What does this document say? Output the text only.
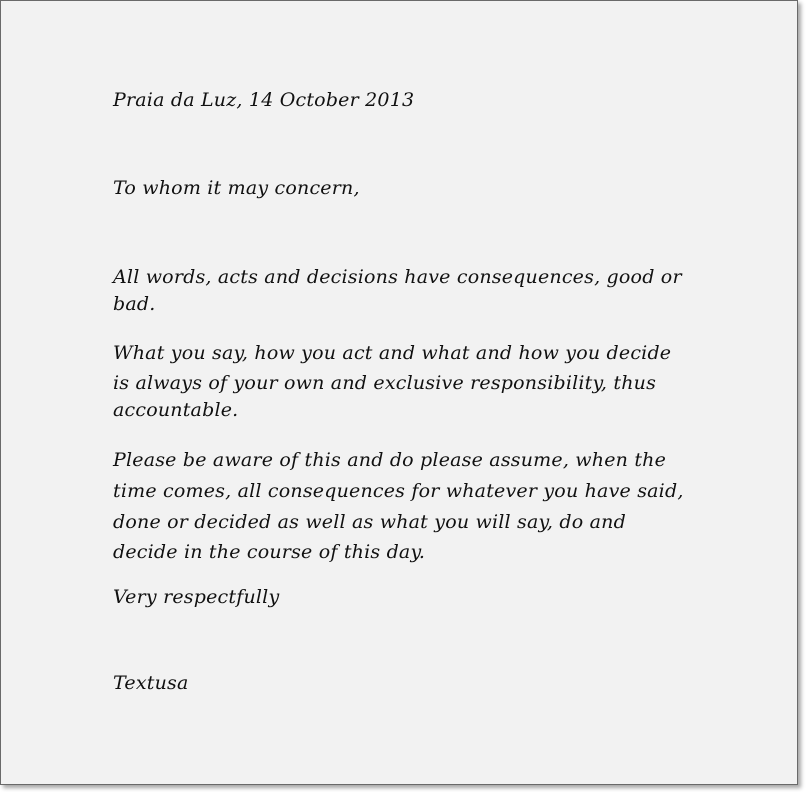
Praia da Luz, 14 October 2013

To whom it may concern,

All words, acts and decisions have consequences, good or

bad.

What you say, how you act and what and how you decide

is always of your own and exclusive responsibility, thus

accountable.

Please be aware of this and do please assume, when the

time comes, all consequences for whatever you have said,

done or decided as well as what you will say, do and

decide in the course of this day.

Very respectfully

Textusa
